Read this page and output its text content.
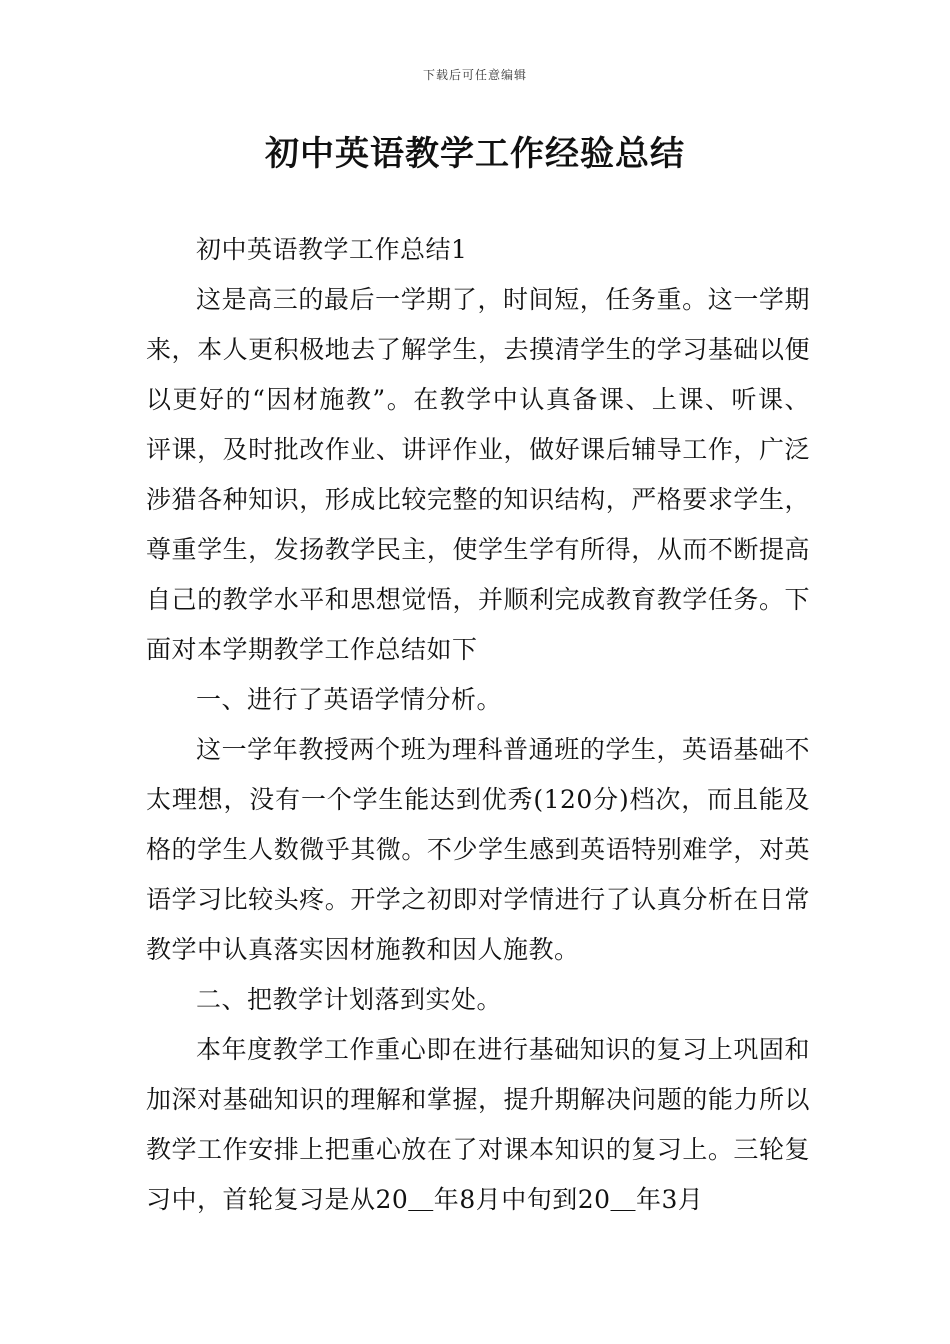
下载后可任意编辑
初中英语教学工作经验总结

初中英语教学工作总结1

这是高三的最后一学期了，时间短，任务重。这一学期来，本人更积极地去了解学生，去摸清学生的学习基础以便以更好的“因材施教”。在教学中认真备课、上课、听课、评课，及时批改作业、讲评作业，做好课后辅导工作，广泛涉猎各种知识，形成比较完整的知识结构，严格要求学生，尊重学生，发扬教学民主，使学生学有所得，从而不断提高自己的教学水平和思想觉悟，并顺利完成教育教学任务。下面对本学期教学工作总结如下

一、进行了英语学情分析。

这一学年教授两个班为理科普通班的学生，英语基础不太理想，没有一个学生能达到优秀(120分)档次，而且能及格的学生人数微乎其微。不少学生感到英语特别难学，对英语学习比较头疼。开学之初即对学情进行了认真分析在日常教学中认真落实因材施教和因人施教。

二、把教学计划落到实处。

本年度教学工作重心即在进行基础知识的复习上巩固和加深对基础知识的理解和掌握，提升期解决问题的能力所以教学工作安排上把重心放在了对课本知识的复习上。三轮复习中，首轮复习是从20＿年8月中旬到20＿年3月
